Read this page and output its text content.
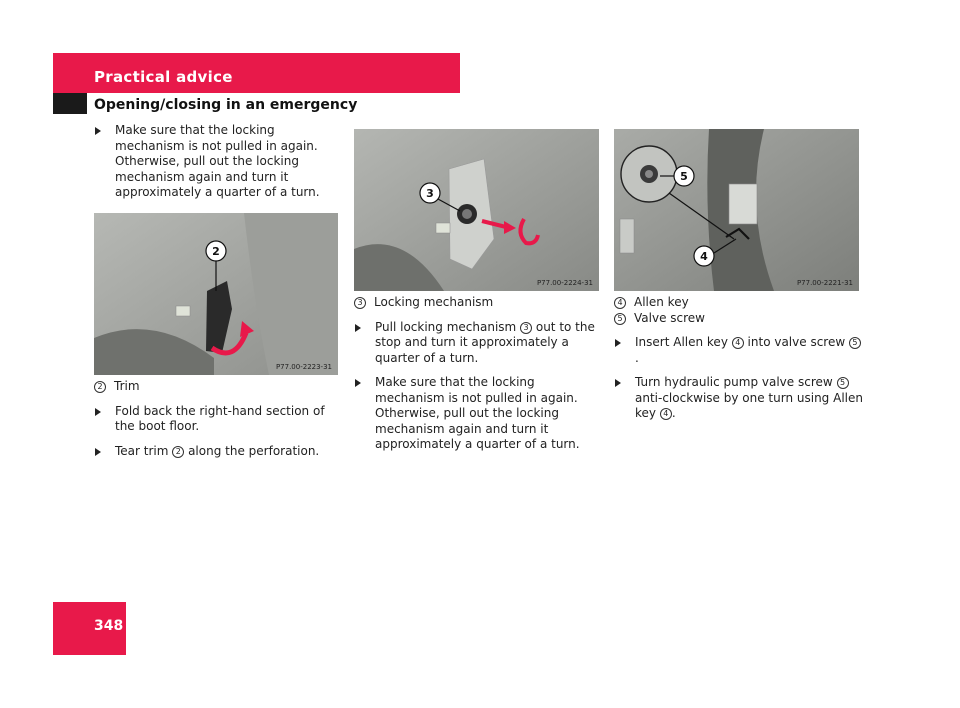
Practical advice
Opening/closing in an emergency
Make sure that the locking mechanism is not pulled in again. Otherwise, pull out the locking mechanism again and turn it approximately a quarter of a turn.
2
P77.00-2223-31
2 Trim
Fold back the right-hand section of the boot floor.
Tear trim 2 along the perforation.
3
P77.00-2224-31
3 Locking mechanism
Pull locking mechanism 3 out to the stop and turn it approximately a quarter of a turn.
Make sure that the locking mechanism is not pulled in again. Otherwise, pull out the locking mechanism again and turn it approximately a quarter of a turn.
5
4
P77.00-2221-31
4 Allen key
5 Valve screw
Insert Allen key 4 into valve screw 5.
Turn hydraulic pump valve screw 5 anti-clockwise by one turn using Allen key 4 .
348
